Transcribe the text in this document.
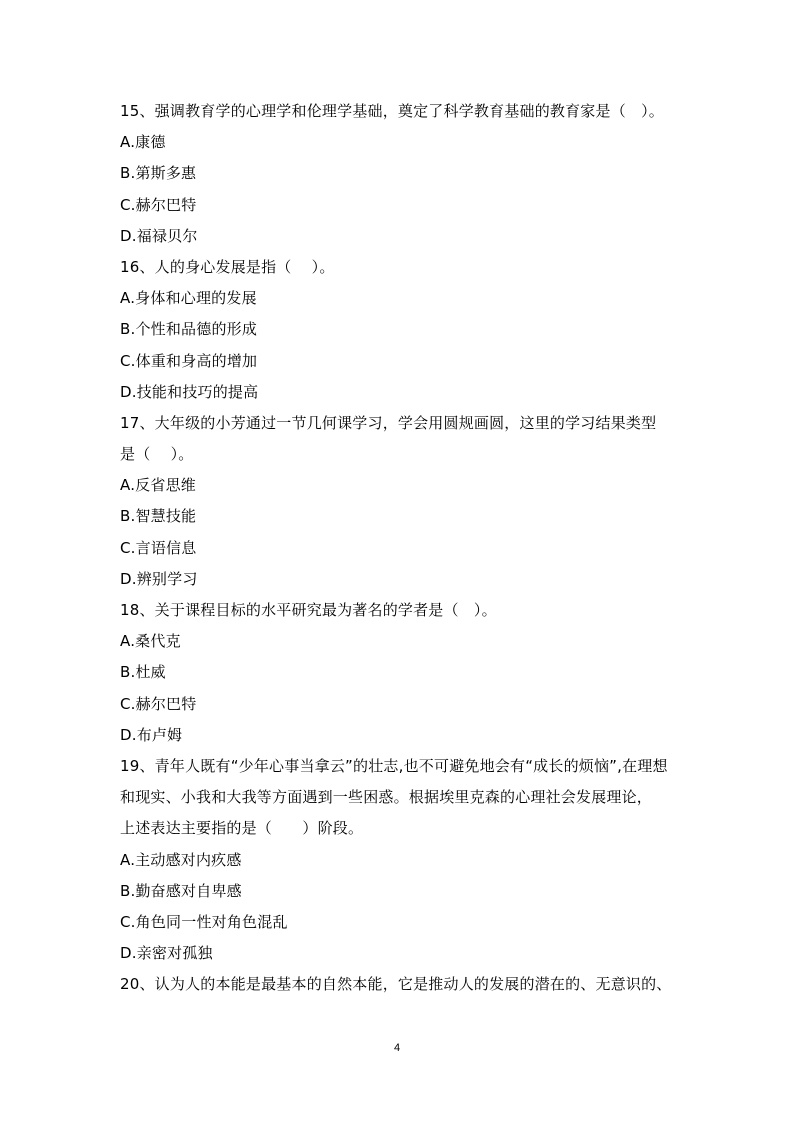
15、强调教育学的心理学和伦理学基础，奠定了科学教育基础的教育家是（　）。
A.康德
B.第斯多惠
C.赫尔巴特
D.福禄贝尔
16、人的身心发展是指（　 ）。
A.身体和心理的发展
B.个性和品德的形成
C.体重和身高的增加
D.技能和技巧的提高
17、大年级的小芳通过一节几何课学习，学会用圆规画圆，这里的学习结果类型
是（　 ）。
A.反省思维
B.智慧技能
C.言语信息
D.辨别学习
18、关于课程目标的水平研究最为著名的学者是（　）。
A.桑代克
B.杜威
C.赫尔巴特
D.布卢姆
19、青年人既有“少年心事当拿云”的壮志,也不可避免地会有“成长的烦恼”,在理想
和现实、小我和大我等方面遇到一些困惑。根据埃里克森的心理社会发展理论，
上述表达主要指的是（　　）阶段。
A.主动感对内疚感
B.勤奋感对自卑感
C.角色同一性对角色混乱
D.亲密对孤独
20、认为人的本能是最基本的自然本能，它是推动人的发展的潜在的、无意识的、
4
